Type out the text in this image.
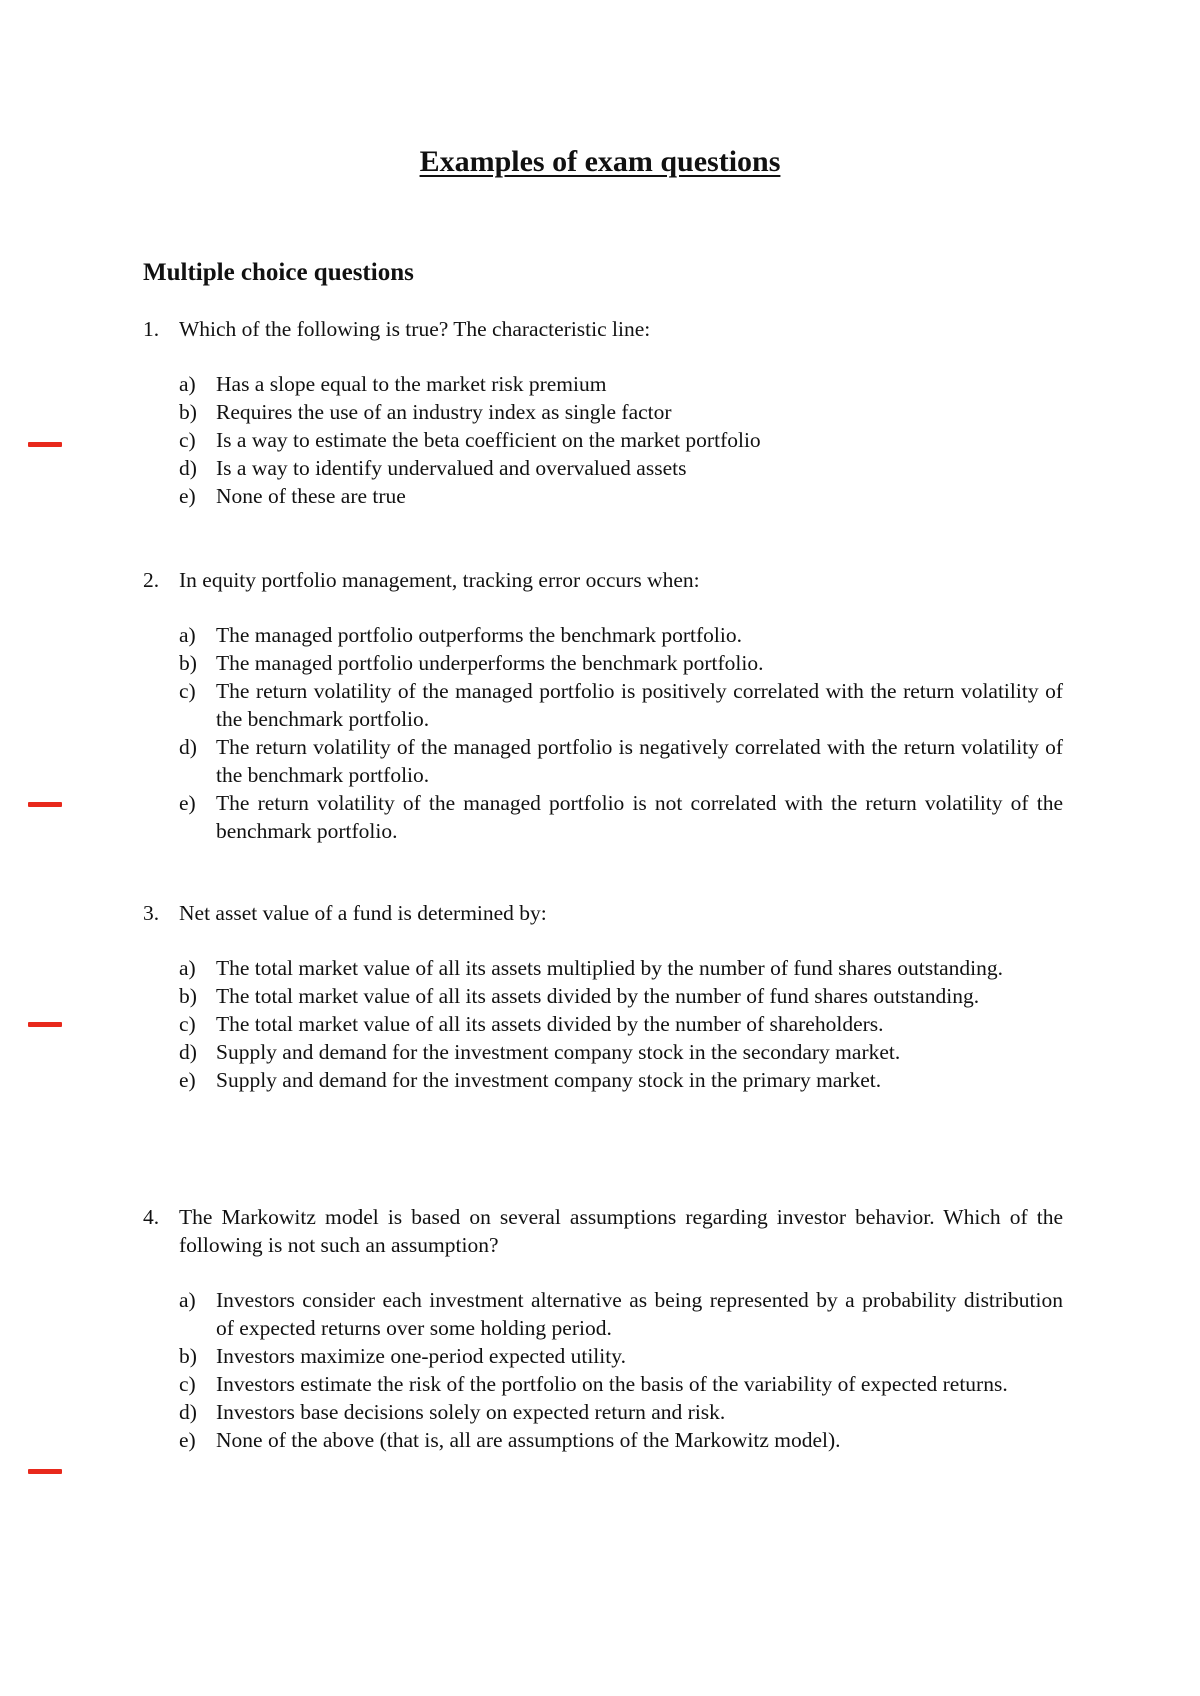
Examples of exam questions
Multiple choice questions
1. Which of the following is true? The characteristic line:
a) Has a slope equal to the market risk premium
b) Requires the use of an industry index as single factor
c) Is a way to estimate the beta coefficient on the market portfolio
d) Is a way to identify undervalued and overvalued assets
e) None of these are true
2. In equity portfolio management, tracking error occurs when:
a) The managed portfolio outperforms the benchmark portfolio.
b) The managed portfolio underperforms the benchmark portfolio.
c) The return volatility of the managed portfolio is positively correlated with the return volatility of the benchmark portfolio.
d) The return volatility of the managed portfolio is negatively correlated with the return volatility of the benchmark portfolio.
e) The return volatility of the managed portfolio is not correlated with the return volatility of the benchmark portfolio.
3. Net asset value of a fund is determined by:
a) The total market value of all its assets multiplied by the number of fund shares outstanding.
b) The total market value of all its assets divided by the number of fund shares outstanding.
c) The total market value of all its assets divided by the number of shareholders.
d) Supply and demand for the investment company stock in the secondary market.
e) Supply and demand for the investment company stock in the primary market.
4. The Markowitz model is based on several assumptions regarding investor behavior. Which of the following is not such an assumption?
a) Investors consider each investment alternative as being represented by a probability distribution of expected returns over some holding period.
b) Investors maximize one-period expected utility.
c) Investors estimate the risk of the portfolio on the basis of the variability of expected returns.
d) Investors base decisions solely on expected return and risk.
e) None of the above (that is, all are assumptions of the Markowitz model).
